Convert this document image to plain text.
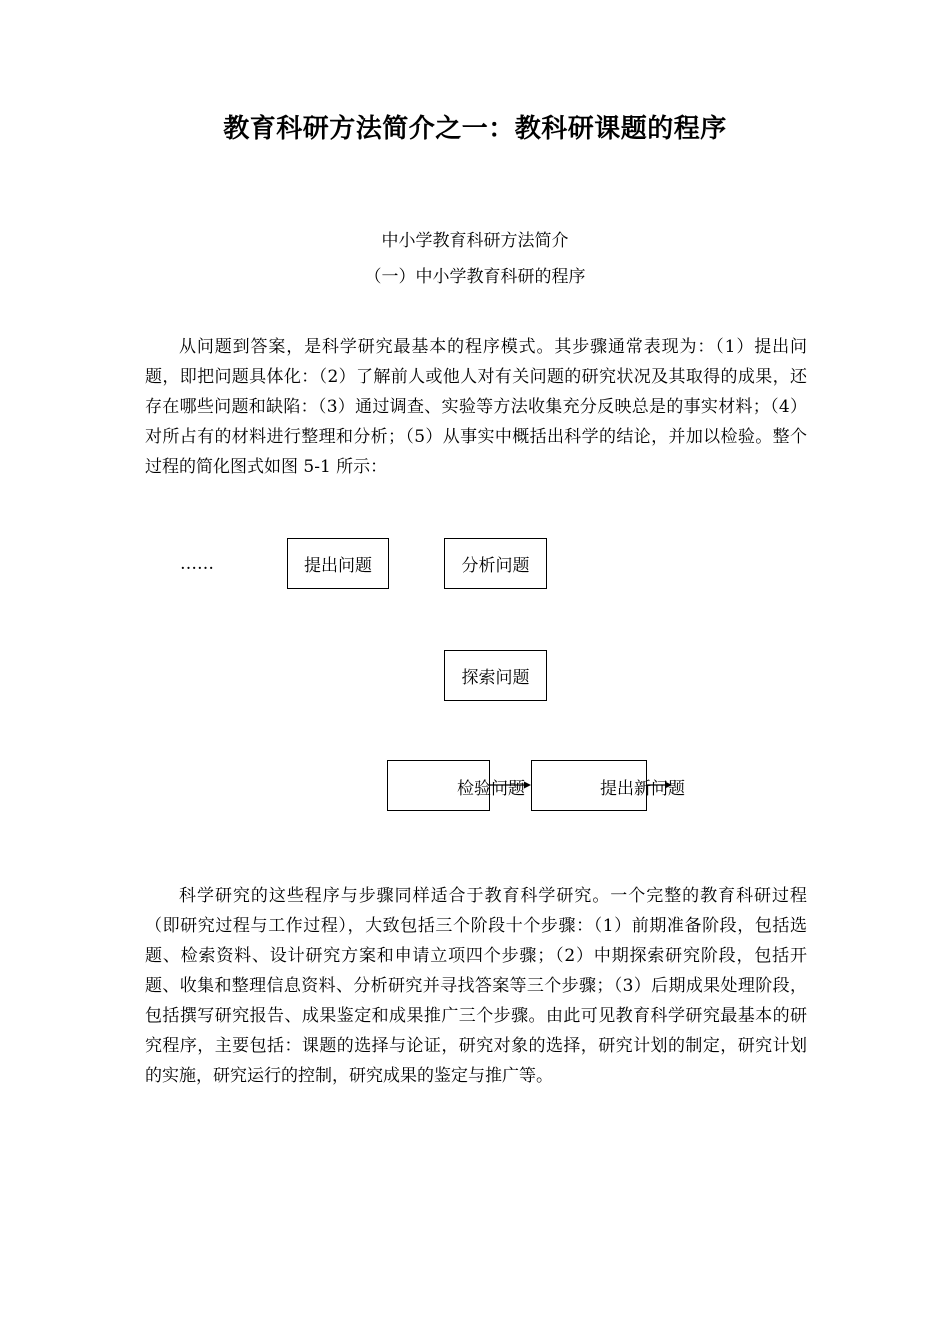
教育科研方法简介之一：教科研课题的程序
中小学教育科研方法简介
（一）中小学教育科研的程序
从问题到答案，是科学研究最基本的程序模式。其步骤通常表现为：（1）提出问题，即把问题具体化：（2）了解前人或他人对有关问题的研究状况及其取得的成果，还存在哪些问题和缺陷：（3）通过调查、实验等方法收集充分反映总是的事实材料；（4）对所占有的材料进行整理和分析；（5）从事实中概括出科学的结论，并加以检验。整个过程的简化图式如图 5-1 所示：
……	提出问题	分析问题
探索问题
检验问题	提出新问题
科学研究的这些程序与步骤同样适合于教育科学研究。一个完整的教育科研过程（即研究过程与工作过程），大致包括三个阶段十个步骤：（1）前期准备阶段，包括选题、检索资料、设计研究方案和申请立项四个步骤；（2）中期探索研究阶段，包括开题、收集和整理信息资料、分析研究并寻找答案等三个步骤；（3）后期成果处理阶段，包括撰写研究报告、成果鉴定和成果推广三个步骤。由此可见教育科学研究最基本的研究程序，主要包括：课题的选择与论证，研究对象的选择，研究计划的制定，研究计划的实施，研究运行的控制，研究成果的鉴定与推广等。
